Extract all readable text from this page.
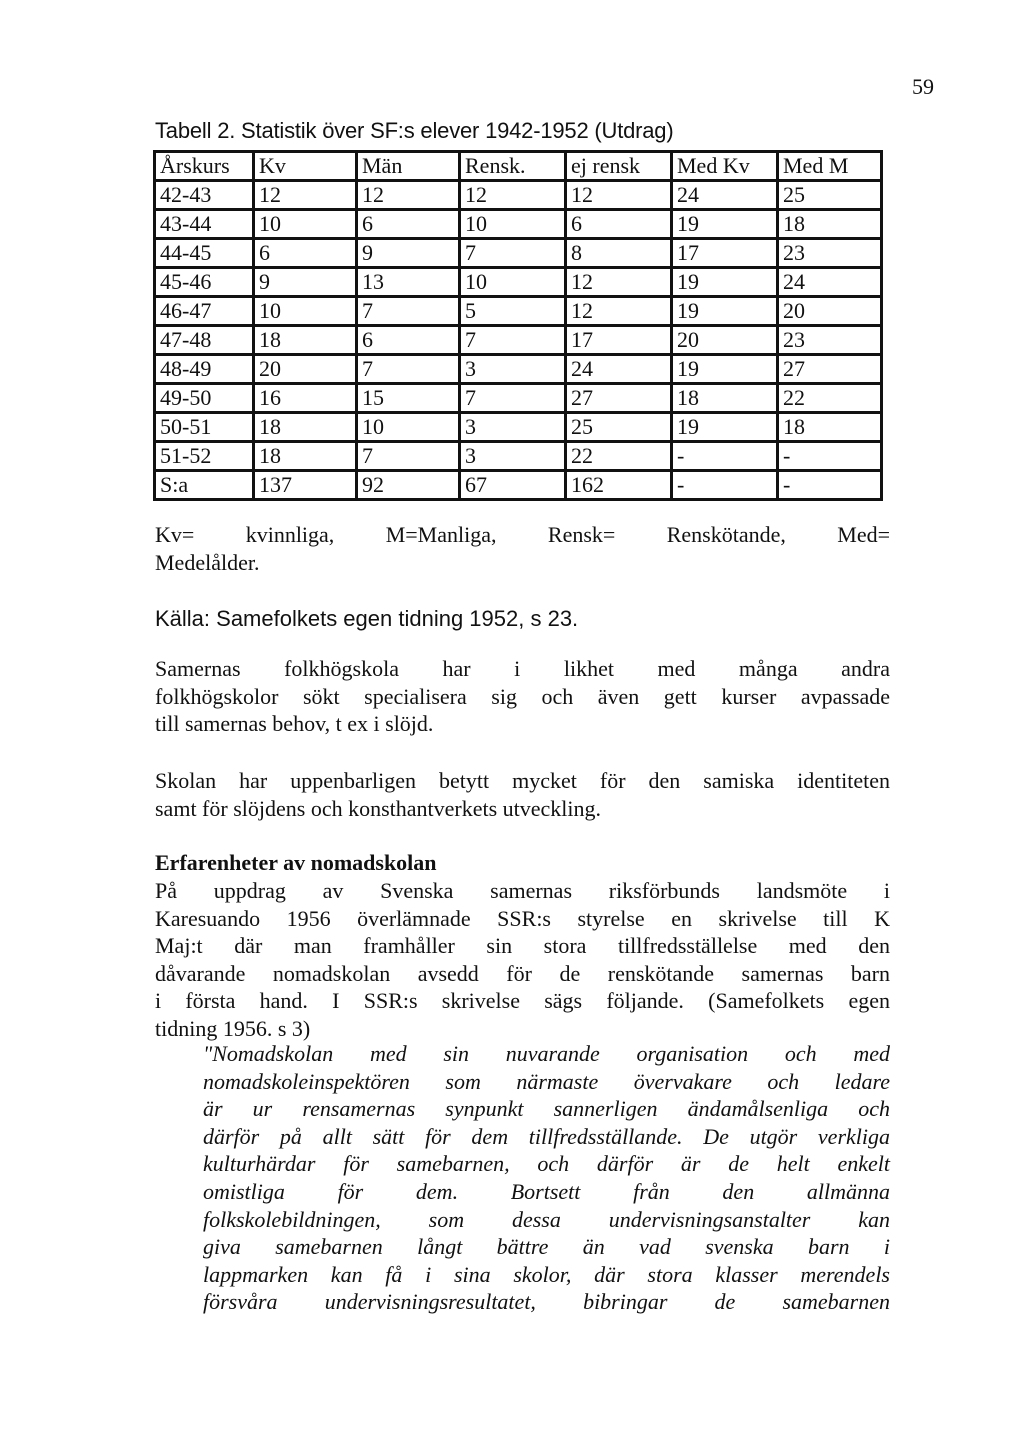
59
Tabell 2. Statistik över SF:s elever 1942-1952 (Utdrag)
Årskurs	Kv	Män	Rensk.	ej rensk	Med Kv	Med M
42-43	12	12	12	12	24	25
43-44	10	6	10	6	19	18
44-45	6	9	7	8	17	23
45-46	9	13	10	12	19	24
46-47	10	7	5	12	19	20
47-48	18	6	7	17	20	23
48-49	20	7	3	24	19	27
49-50	16	15	7	27	18	22
50-51	18	10	3	25	19	18
51-52	18	7	3	22	-	-
S:a	137	92	67	162	-	-
Kv= kvinnliga, M=Manliga, Rensk= Renskötande, Med=
Medelålder.
Källa: Samefolkets egen tidning 1952, s 23.

Samernas folkhögskola har i likhet med många andra
folkhögskolor sökt specialisera sig och även gett kurser avpassade
till samernas behov, t ex i slöjd.

Skolan har uppenbarligen betytt mycket för den samiska identiteten
samt för slöjdens och konsthantverkets utveckling.

Erfarenheter av nomadskolan

På uppdrag av Svenska samernas riksförbunds landsmöte i
Karesuando 1956 överlämnade SSR:s styrelse en skrivelse till K
Maj:t där man framhåller sin stora tillfredsställelse med den
dåvarande nomadskolan avsedd för de renskötande samernas barn
i första hand. I SSR:s skrivelse sägs följande. (Samefolkets egen
tidning 1956. s 3)

"Nomadskolan med sin nuvarande organisation och med
nomadskoleinspektören som närmaste övervakare och ledare
är ur rensamernas synpunkt sannerligen ändamålsenliga och
därför på allt sätt för dem tillfredsställande. De utgör verkliga
kulturhärdar för samebarnen, och därför är de helt enkelt
omistliga för dem. Bortsett från den allmänna
folkskolebildningen, som dessa undervisningsanstalter kan
giva samebarnen långt bättre än vad svenska barn i
lappmarken kan få i sina skolor, där stora klasser merendels
försvåra undervisningsresultatet, bibringar de samebarnen
